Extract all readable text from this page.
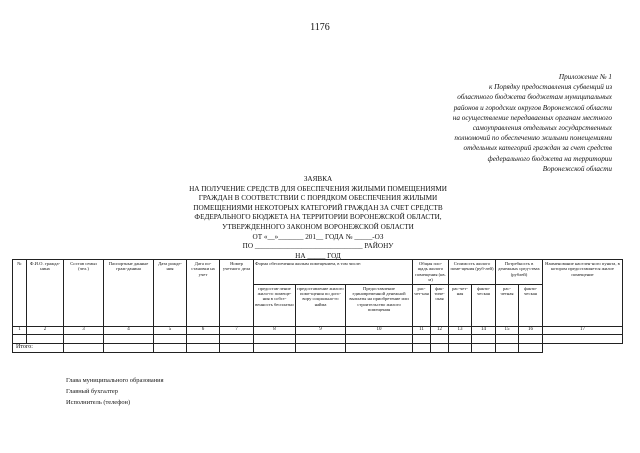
1176
Приложение № 1
к Порядку предоставления субвенций из
областного бюджета бюджетам муниципальных
районов и городских округов Воронежской области
на осуществление передаваемых органам местного
самоуправления отдельных государственных
полномочий по обеспечению жилыми помещениями
отдельных категорий граждан за счет средств
федерального бюджета на территории
Воронежской области
ЗАЯВКА
НА ПОЛУЧЕНИЕ СРЕДСТВ ДЛЯ ОБЕСПЕЧЕНИЯ ЖИЛЫМИ ПОМЕЩЕНИЯМИ
ГРАЖДАН В СООТВЕТСТВИИ С ПОРЯДКОМ ОБЕСПЕЧЕНИЯ ЖИЛЫМИ
ПОМЕЩЕНИЯМИ НЕКОТОРЫХ КАТЕГОРИЙ ГРАЖДАН ЗА СЧЕТ СРЕДСТВ
ФЕДЕРАЛЬНОГО БЮДЖЕТА НА ТЕРРИТОРИИ ВОРОНЕЖСКОЙ ОБЛАСТИ,
УТВЕРЖДЕННОГО ЗАКОНОМ ВОРОНЕЖСКОЙ ОБЛАСТИ
ОТ «__»_______ 201__ ГОДА № _____-ОЗ
ПО ______________________________ РАЙОНУ
НА _____ ГОД
№	Ф.И.О. гражда-нина	Состав семьи (чел.)	Паспортные данные граж-данина	Дата рожде-ния	Дата по-становки на учет	Номер учетного дела	Форма обеспечения жилым помещением, в том числе:			Общая пло-щадь жилого помещения (кв. м)		Стоимость жилого поме-щения (руб-лей)		Потребность в денежных сред-ствах (рублей)		Наименование населен-ного пункта, в котором предоставляется жилое помещение
							предостав-ление жило-го помеще-ния в собст-венность бесплатно	предоставление жилого поме-щения по дого-вору социально-го найма	Предоставление единовременной денежной выплаты на приобретение или строительство жилого помещения	рас-чет-ная	фак-тиче-ская	рас-чет-ная	факти-ческая	рас-четная	факти-ческая	
1	2	3	4	5	6	7	8	9	10	11	12	13	14	15	16	17

Итого:																
Глава муниципального образования
Главный бухгалтер
Исполнитель (телефон)
